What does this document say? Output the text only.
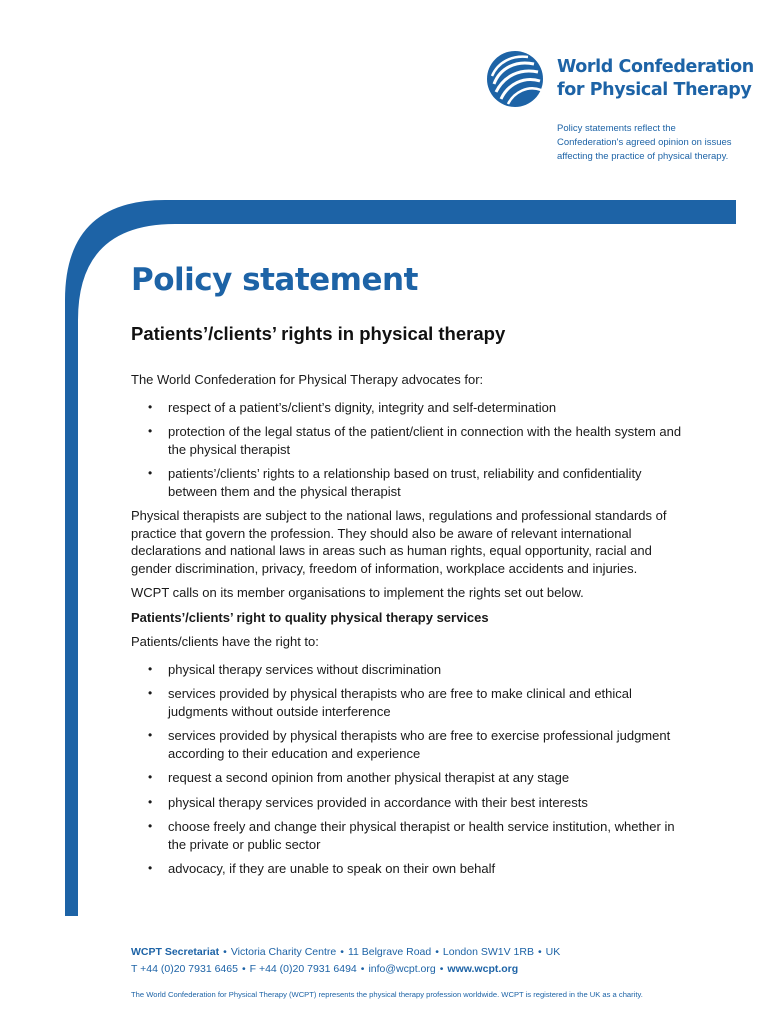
World Confederation
for Physical Therapy
Policy statements reflect the
Confederation's agreed opinion on issues
affecting the practice of physical therapy.
Policy statement
Patients’/clients’ rights in physical therapy

The World Confederation for Physical Therapy advocates for:

• respect of a patient’s/client’s dignity, integrity and self-determination
• protection of the legal status of the patient/client in connection with the health system and the physical therapist
• patients’/clients’ rights to a relationship based on trust, reliability and confidentiality between them and the physical therapist

Physical therapists are subject to the national laws, regulations and professional standards of practice that govern the profession. They should also be aware of relevant international declarations and national laws in areas such as human rights, equal opportunity, racial and gender discrimination, privacy, freedom of information, workplace accidents and injuries.

WCPT calls on its member organisations to implement the rights set out below.

Patients’/clients’ right to quality physical therapy services

Patients/clients have the right to:

• physical therapy services without discrimination
• services provided by physical therapists who are free to make clinical and ethical judgments without outside interference
• services provided by physical therapists who are free to exercise professional judgment according to their education and experience
• request a second opinion from another physical therapist at any stage
• physical therapy services provided in accordance with their best interests
• choose freely and change their physical therapist or health service institution, whether in the private or public sector
• advocacy, if they are unable to speak on their own behalf
WCPT Secretariat • Victoria Charity Centre • 11 Belgrave Road • London SW1V 1RB • UK
T +44 (0)20 7931 6465 • F +44 (0)20 7931 6494 • info@wcpt.org • www.wcpt.org
The World Confederation for Physical Therapy (WCPT) represents the physical therapy profession worldwide. WCPT is registered in the UK as a charity.
